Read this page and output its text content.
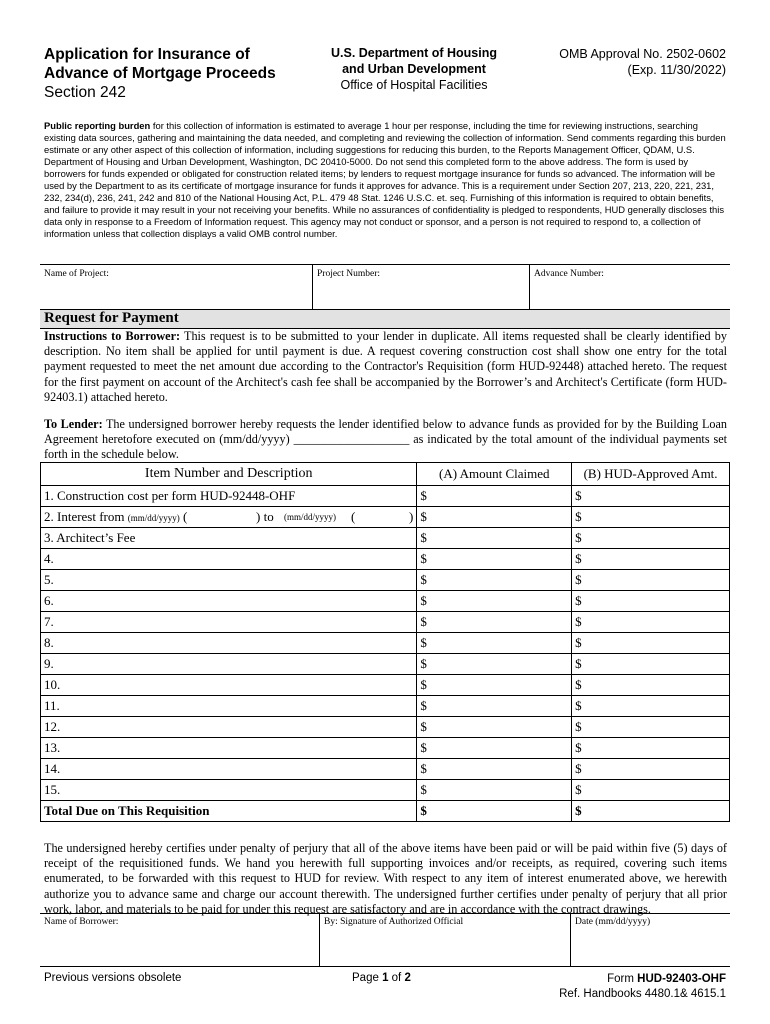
Application for Insurance of
Advance of Mortgage Proceeds
Section 242
U.S. Department of Housing
and Urban Development
Office of Hospital Facilities
OMB Approval No. 2502-0602
(Exp. 11/30/2022)
Public reporting burden for this collection of information is estimated to average 1 hour per response, including the time for reviewing instructions, searching existing data sources, gathering and maintaining the data needed, and completing and reviewing the collection of information. Send comments regarding this burden estimate or any other aspect of this collection of information, including suggestions for reducing this burden, to the Reports Management Officer, QDAM, U.S. Department of Housing and Urban Development, Washington, DC 20410-5000. Do not send this completed form to the above address. The form is used by borrowers for funds expended or obligated for construction related items; by lenders to request mortgage insurance for funds so advanced. The information will be used by the Department to as its certificate of mortgage insurance for funds it approves for advance. This is a requirement under Section 207, 213, 220, 221, 231, 232, 234(d), 236, 241, 242 and 810 of the National Housing Act, P.L. 479 48 Stat. 1246 U.S.C. et. seq. Furnishing of this information is required to obtain benefits, and failure to provide it may result in your not receiving your benefits. While no assurances of confidentiality is pledged to respondents, HUD generally discloses this data only in response to a Freedom of Information request. This agency may not conduct or sponsor, and a person is not required to respond to, a collection of information unless that collection displays a valid OMB control number.
Name of Project:	Project Number:	Advance Number:
Request for Payment
Instructions to Borrower: This request is to be submitted to your lender in duplicate. All items requested shall be clearly identified by description. No item shall be applied for until payment is due. A request covering construction cost shall show one entry for the total payment requested to meet the net amount due according to the Contractor's Requisition (form HUD-92448) attached hereto. The request for the first payment on account of the Architect's cash fee shall be accompanied by the Borrower’s and Architect's Certificate (form HUD-92403.1) attached hereto.
To Lender: The undersigned borrower hereby requests the lender identified below to advance funds as provided for by the Building Loan Agreement heretofore executed on (mm/dd/yyyy) ___________________ as indicated by the total amount of the individual payments set forth in the schedule below.
Item Number and Description	(A) Amount Claimed	(B) HUD-Approved Amt.
1. Construction cost per form HUD-92448-OHF	$	$
2. Interest from (mm/dd/yyyy) ( ) to (mm/dd/yyyy) ( )	$	$
3. Architect’s Fee	$	$
4.	$	$
5.	$	$
6.	$	$
7.	$	$
8.	$	$
9.	$	$
10.	$	$
11.	$	$
12.	$	$
13.	$	$
14.	$	$
15.	$	$
Total Due on This Requisition	$	$
The undersigned hereby certifies under penalty of perjury that all of the above items have been paid or will be paid within five (5) days of receipt of the requisitioned funds. We hand you herewith full supporting invoices and/or receipts, as required, covering such items enumerated, to be forwarded with this request to HUD for review. With respect to any item of interest enumerated above, we herewith authorize you to advance same and charge our account therewith. The undersigned further certifies under penalty of perjury that all prior work, labor, and materials to be paid for under this request are satisfactory and are in accordance with the contract drawings.
Name of Borrower:	By: Signature of Authorized Official	Date (mm/dd/yyyy)
Previous versions obsolete	Page 1 of 2	Form HUD-92403-OHF
Ref. Handbooks 4480.1& 4615.1
